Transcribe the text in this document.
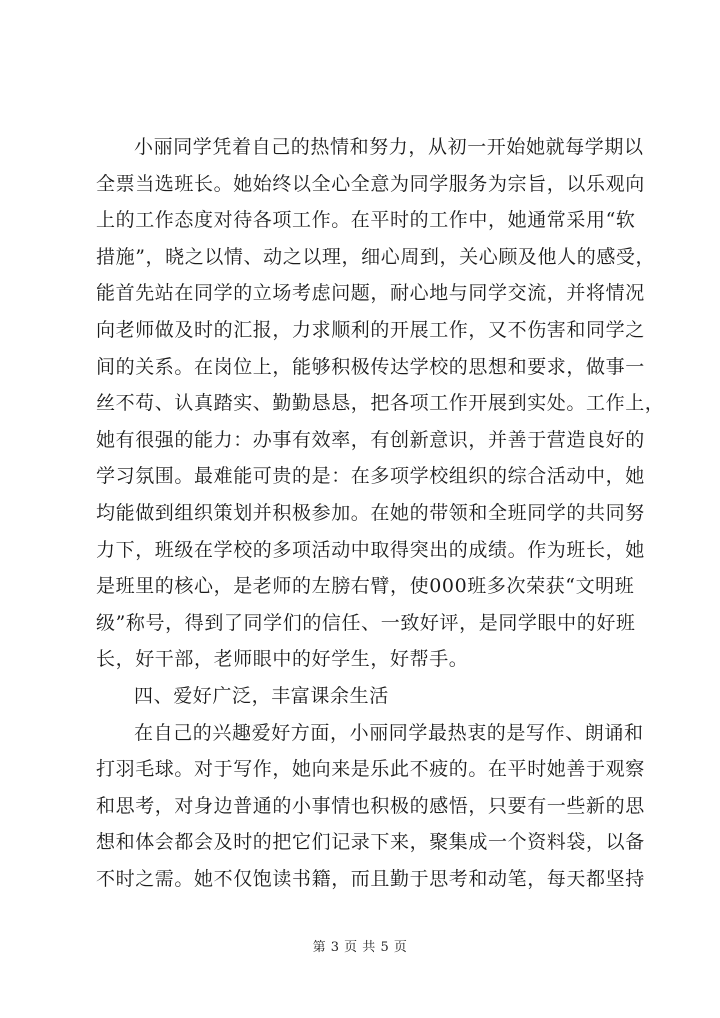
小丽同学凭着自己的热情和努力，从初一开始她就每学期以
全票当选班长。她始终以全心全意为同学服务为宗旨，以乐观向
上的工作态度对待各项工作。在平时的工作中，她通常采用“软
措施”，晓之以情、动之以理，细心周到，关心顾及他人的感受，
能首先站在同学的立场考虑问题，耐心地与同学交流，并将情况
向老师做及时的汇报，力求顺利的开展工作，又不伤害和同学之
间的关系。在岗位上，能够积极传达学校的思想和要求，做事一
丝不苟、认真踏实、勤勤恳恳，把各项工作开展到实处。工作上，
她有很强的能力：办事有效率，有创新意识，并善于营造良好的
学习氛围。最难能可贵的是：在多项学校组织的综合活动中，她
均能做到组织策划并积极参加。在她的带领和全班同学的共同努
力下，班级在学校的多项活动中取得突出的成绩。作为班长，她
是班里的核心，是老师的左膀右臂，使000班多次荣获“文明班
级”称号，得到了同学们的信任、一致好评，是同学眼中的好班
长，好干部，老师眼中的好学生，好帮手。
四、爱好广泛，丰富课余生活
在自己的兴趣爱好方面，小丽同学最热衷的是写作、朗诵和
打羽毛球。对于写作，她向来是乐此不疲的。在平时她善于观察
和思考，对身边普通的小事情也积极的感悟，只要有一些新的思
想和体会都会及时的把它们记录下来，聚集成一个资料袋，以备
不时之需。她不仅饱读书籍，而且勤于思考和动笔，每天都坚持
第 3 页 共 5 页
